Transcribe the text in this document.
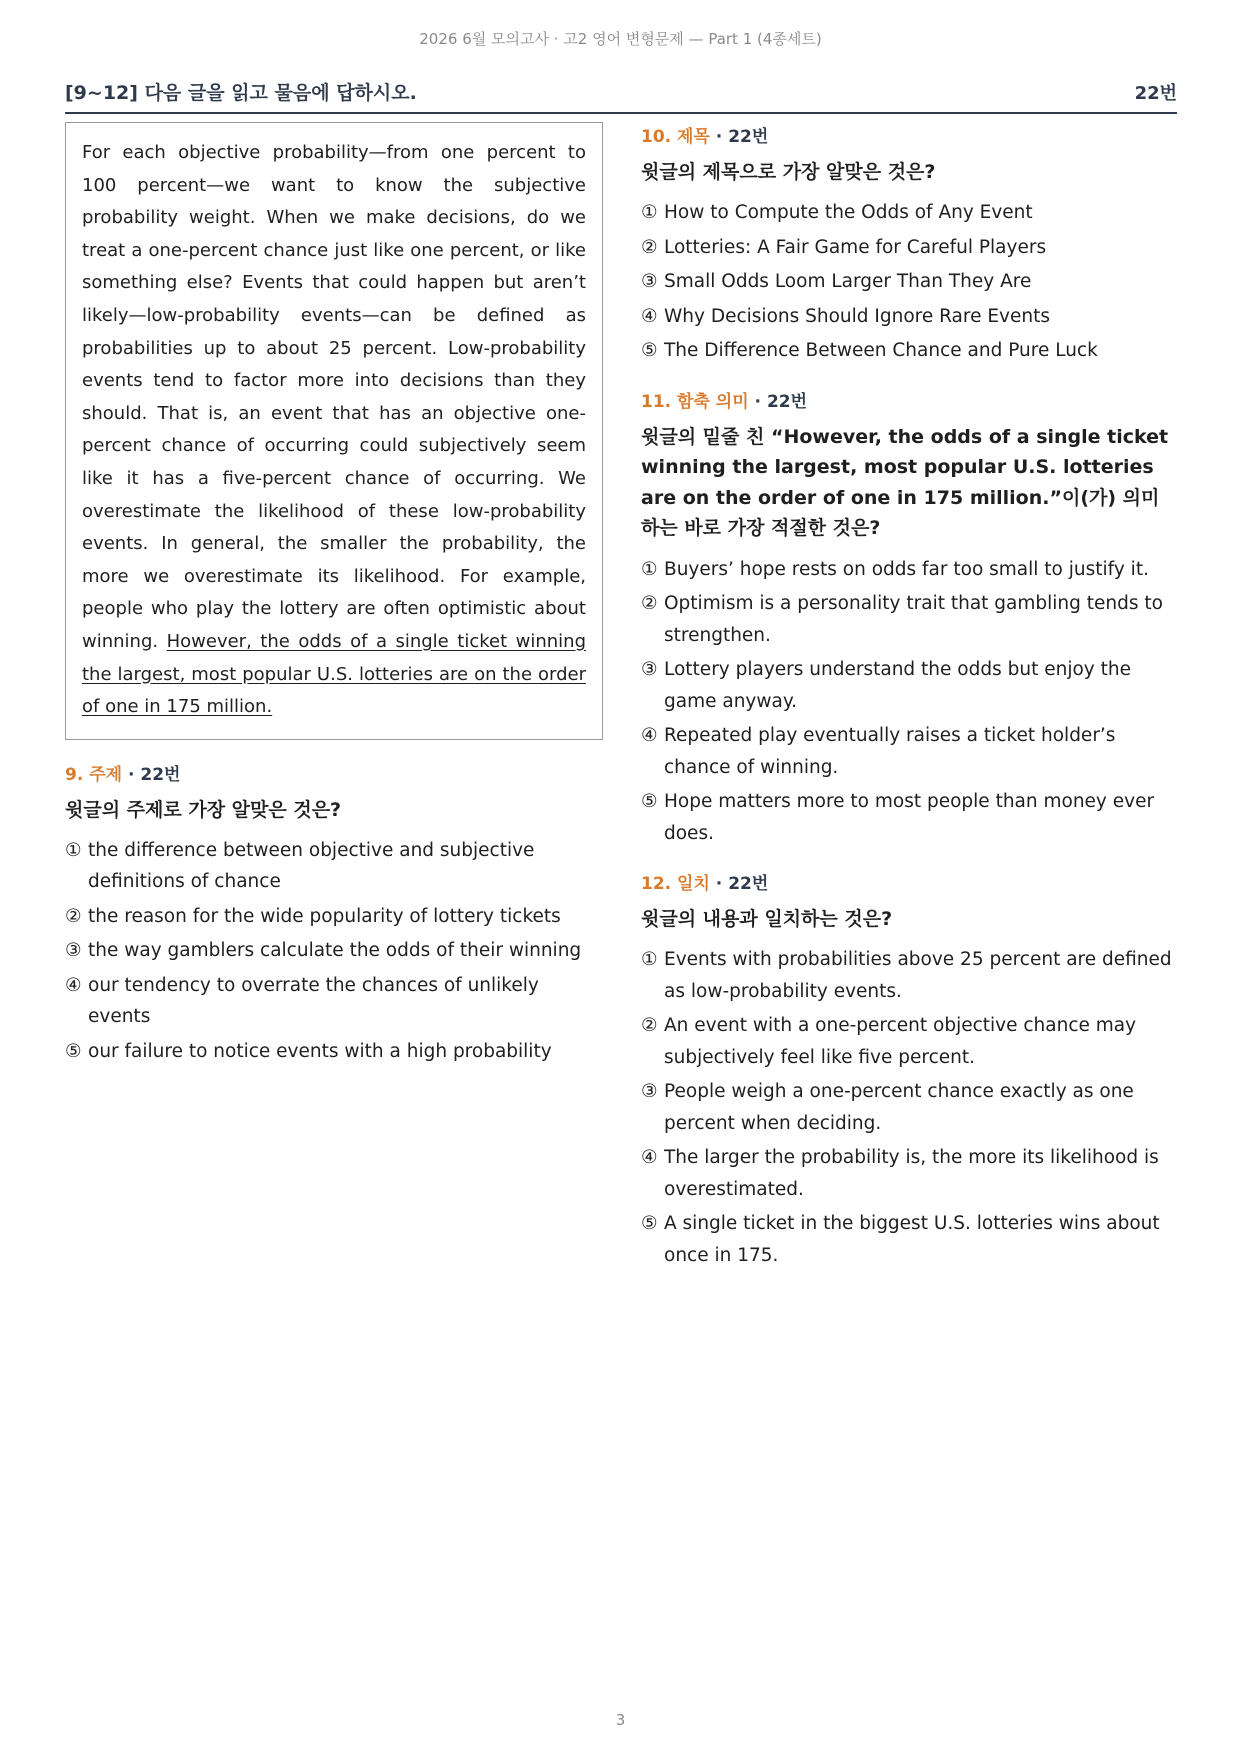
2026 6월 모의고사 · 고2 영어 변형문제 — Part 1 (4종세트)
[9~12] 다음 글을 읽고 물음에 답하시오.	22번
For each objective probability—from one percent to 100 percent—we want to know the subjective probability weight. When we make decisions, do we treat a one-percent chance just like one percent, or like something else? Events that could happen but aren’t likely—low-probability events—can be defined as probabilities up to about 25 percent. Low-probability events tend to factor more into decisions than they should. That is, an event that has an objective one-percent chance of occurring could subjectively seem like it has a five-percent chance of occurring. We overestimate the likelihood of these low-probability events. In general, the smaller the probability, the more we overestimate its likelihood. For example, people who play the lottery are often optimistic about winning. However, the odds of a single ticket winning the largest, most popular U.S. lotteries are on the order of one in 175 million.
9. 주제 · 22번
윗글의 주제로 가장 알맞은 것은?
① the difference between objective and subjective definitions of chance
② the reason for the wide popularity of lottery tickets
③ the way gamblers calculate the odds of their winning
④ our tendency to overrate the chances of unlikely events
⑤ our failure to notice events with a high probability
10. 제목 · 22번
윗글의 제목으로 가장 알맞은 것은?
① How to Compute the Odds of Any Event
② Lotteries: A Fair Game for Careful Players
③ Small Odds Loom Larger Than They Are
④ Why Decisions Should Ignore Rare Events
⑤ The Difference Between Chance and Pure Luck
11. 함축 의미 · 22번
윗글의 밑줄 친 “However, the odds of a single ticket winning the largest, most popular U.S. lotteries are on the order of one in 175 million.”이(가) 의미하는 바로 가장 적절한 것은?
① Buyers’ hope rests on odds far too small to justify it.
② Optimism is a personality trait that gambling tends to strengthen.
③ Lottery players understand the odds but enjoy the game anyway.
④ Repeated play eventually raises a ticket holder’s chance of winning.
⑤ Hope matters more to most people than money ever does.
12. 일치 · 22번
윗글의 내용과 일치하는 것은?
① Events with probabilities above 25 percent are defined as low-probability events.
② An event with a one-percent objective chance may subjectively feel like five percent.
③ People weigh a one-percent chance exactly as one percent when deciding.
④ The larger the probability is, the more its likelihood is overestimated.
⑤ A single ticket in the biggest U.S. lotteries wins about once in 175.
3
